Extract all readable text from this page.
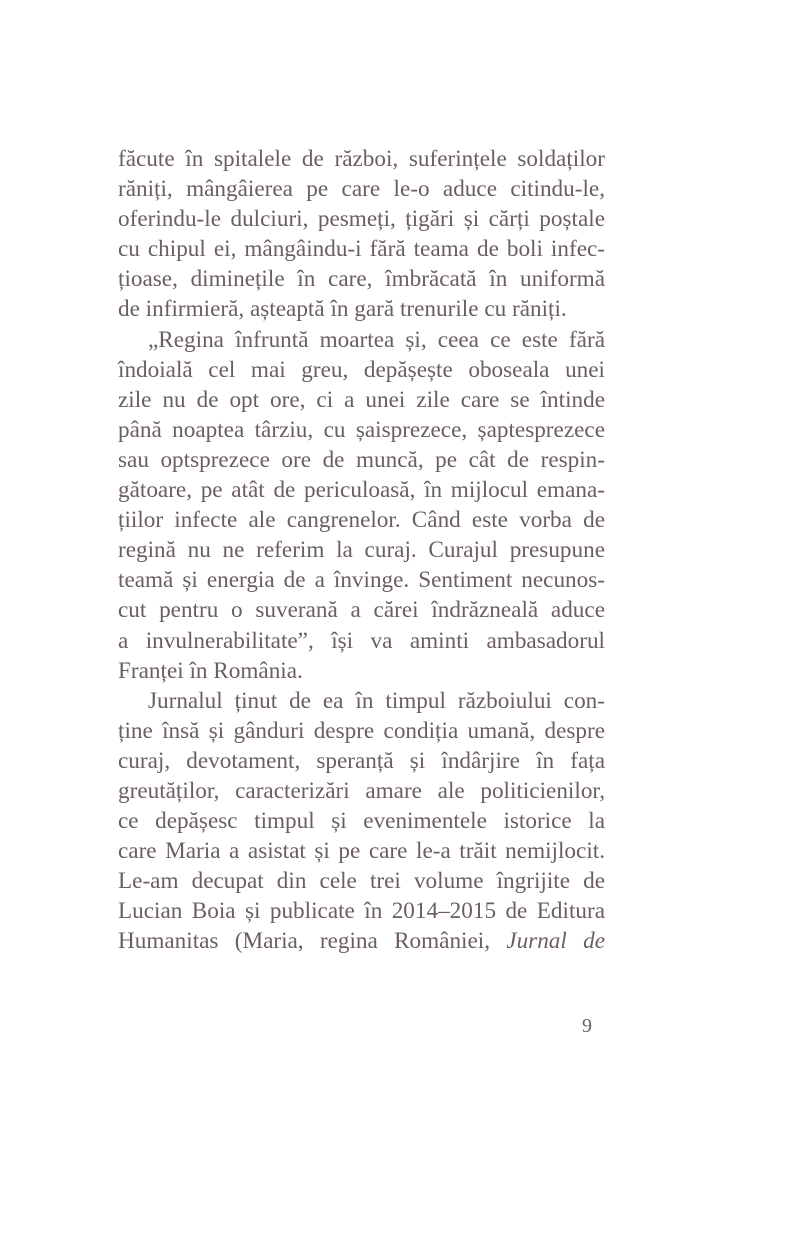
făcute în spitalele de război, suferințele soldaților
răniți, mângâierea pe care le-o aduce citindu-le,
oferindu-le dulciuri, pesmeți, țigări și cărți poștale
cu chipul ei, mângâindu-i fără teama de boli infec-
țioase, diminețile în care, îmbrăcată în uniformă
de infirmieră, așteaptă în gară trenurile cu răniți.
„Regina înfruntă moartea și, ceea ce este fără
îndoială cel mai greu, depășește oboseala unei
zile nu de opt ore, ci a unei zile care se întinde
până noaptea târziu, cu șaisprezece, șaptesprezece
sau optsprezece ore de muncă, pe cât de respin-
gătoare, pe atât de periculoasă, în mijlocul emana-
țiilor infecte ale cangrenelor. Când este vorba de
regină nu ne referim la curaj. Curajul presupune
teamă și energia de a învinge. Sentiment necunos-
cut pentru o suverană a cărei îndrăzneală aduce
a invulnerabilitate”, își va aminti ambasadorul
Franței în România.
Jurnalul ținut de ea în timpul războiului con-
ține însă și gânduri despre condiția umană, despre
curaj, devotament, speranță și îndârjire în fața
greutăților, caracterizări amare ale politicienilor,
ce depășesc timpul și evenimentele istorice la
care Maria a asistat și pe care le-a trăit nemijlocit.
Le-am decupat din cele trei volume îngrijite de
Lucian Boia și publicate în 2014–2015 de Editura
Humanitas (Maria, regina României, Jurnal de
9
